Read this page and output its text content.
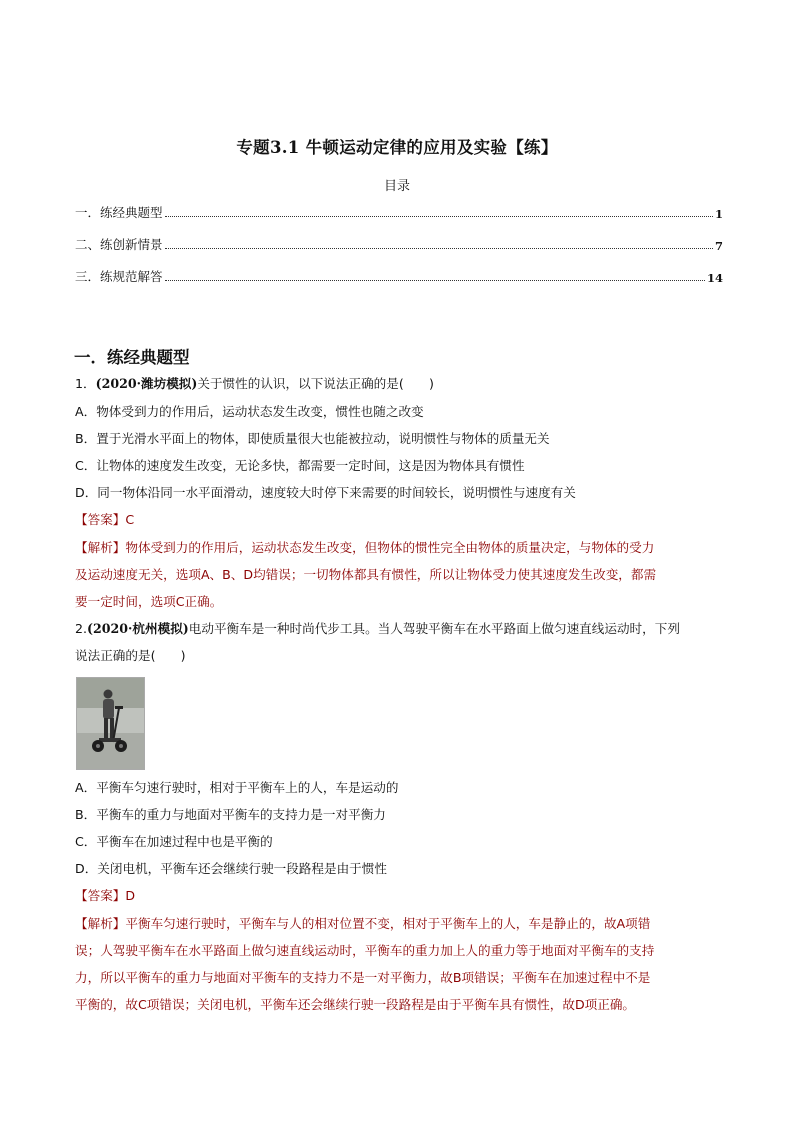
专题3.1 牛顿运动定律的应用及实验【练】
目录
一．练经典题型	1
二、练创新情景	7
三．练规范解答	14
一．练经典题型
1．(2020·潍坊模拟)关于惯性的认识，以下说法正确的是(　　)
A．物体受到力的作用后，运动状态发生改变，惯性也随之改变
B．置于光滑水平面上的物体，即使质量很大也能被拉动，说明惯性与物体的质量无关
C．让物体的速度发生改变，无论多快，都需要一定时间，这是因为物体具有惯性
D．同一物体沿同一水平面滑动，速度较大时停下来需要的时间较长，说明惯性与速度有关
【答案】C
【解析】物体受到力的作用后，运动状态发生改变，但物体的惯性完全由物体的质量决定，与物体的受力
及运动速度无关，选项A、B、D均错误；一切物体都具有惯性，所以让物体受力使其速度发生改变，都需
要一定时间，选项C正确。
2.(2020·杭州模拟)电动平衡车是一种时尚代步工具。当人驾驶平衡车在水平路面上做匀速直线运动时，下列
说法正确的是(　　)
A．平衡车匀速行驶时，相对于平衡车上的人，车是运动的
B．平衡车的重力与地面对平衡车的支持力是一对平衡力
C．平衡车在加速过程中也是平衡的
D．关闭电机，平衡车还会继续行驶一段路程是由于惯性
【答案】D
【解析】平衡车匀速行驶时，平衡车与人的相对位置不变，相对于平衡车上的人，车是静止的，故A项错
误；人驾驶平衡车在水平路面上做匀速直线运动时，平衡车的重力加上人的重力等于地面对平衡车的支持
力，所以平衡车的重力与地面对平衡车的支持力不是一对平衡力，故B项错误；平衡车在加速过程中不是
平衡的，故C项错误；关闭电机，平衡车还会继续行驶一段路程是由于平衡车具有惯性，故D项正确。
